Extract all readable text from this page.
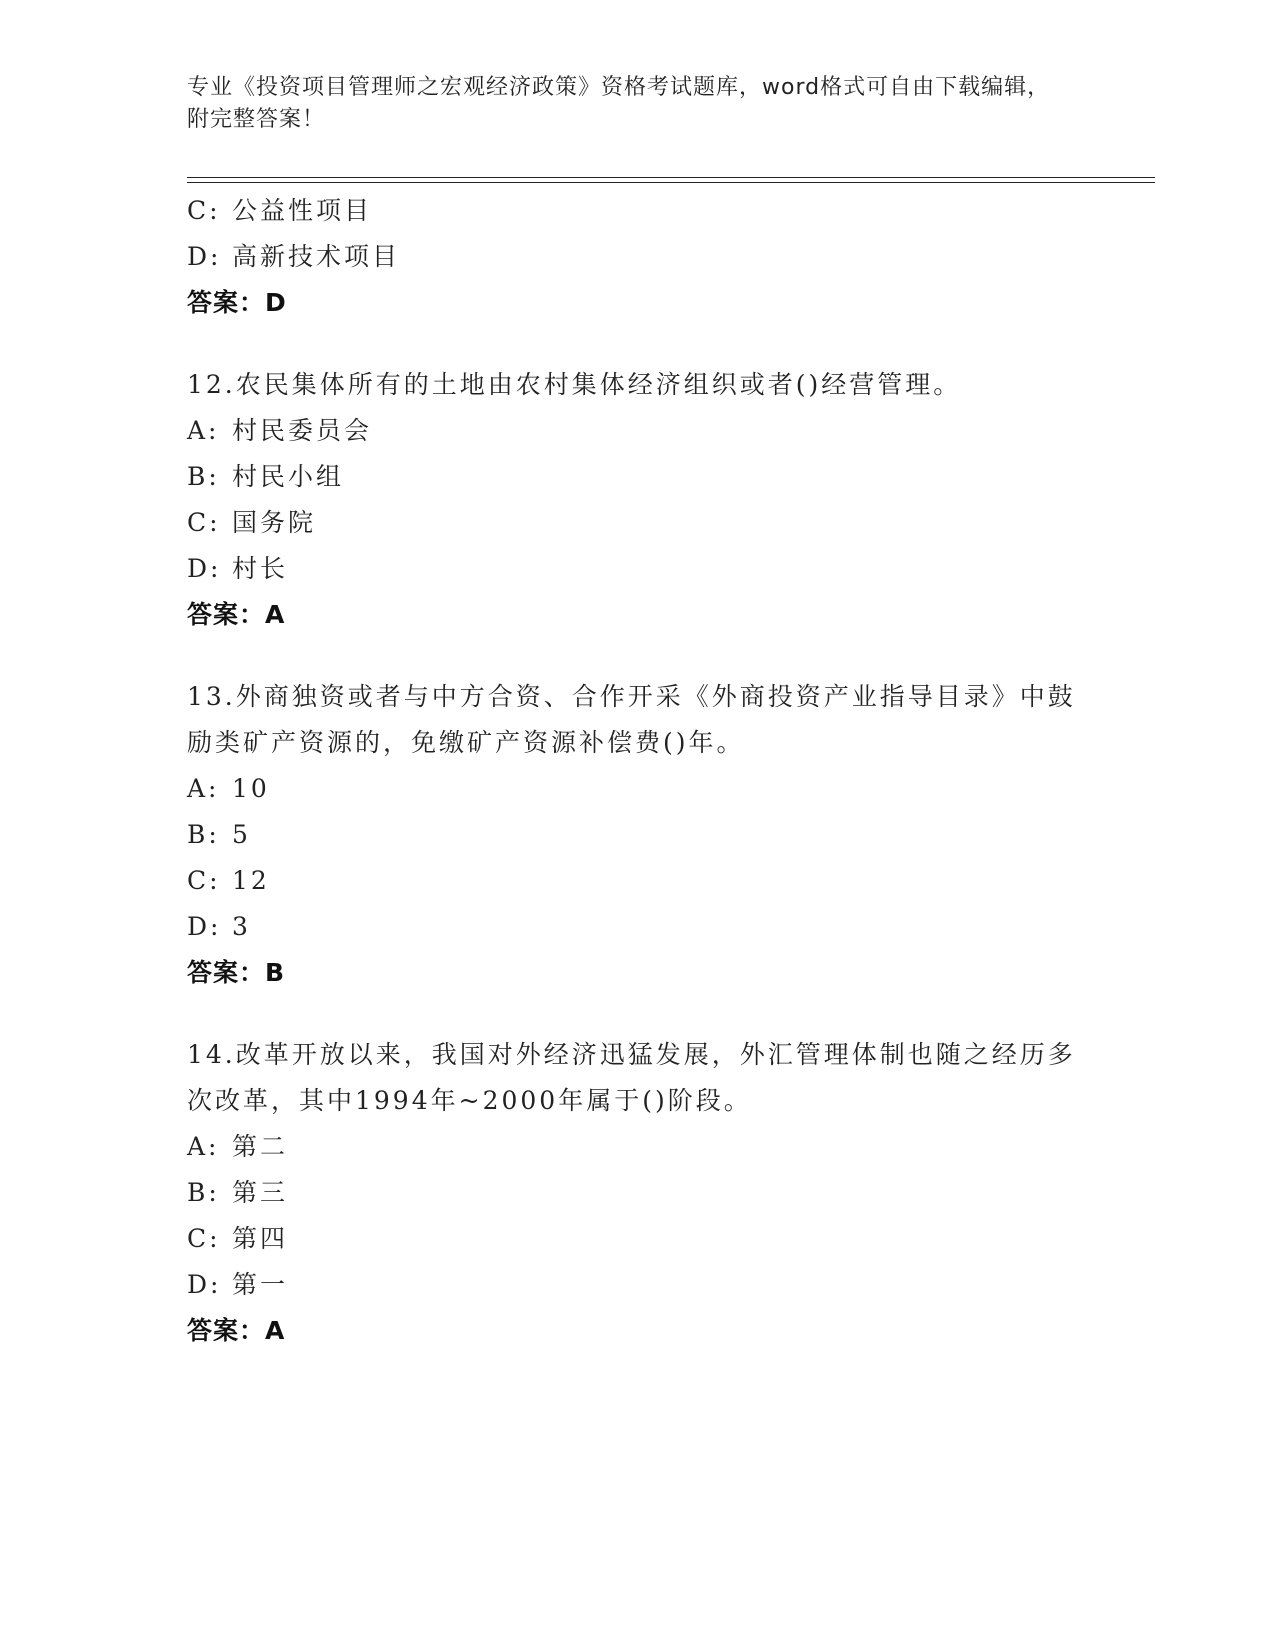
专业《投资项目管理师之宏观经济政策》资格考试题库，word格式可自由下载编辑，附完整答案！
C: 公益性项目
D: 高新技术项目
答案：D
12.农民集体所有的土地由农村集体经济组织或者()经营管理。
A: 村民委员会
B: 村民小组
C: 国务院
D: 村长
答案：A
13.外商独资或者与中方合资、合作开采《外商投资产业指导目录》中鼓励类矿产资源的，免缴矿产资源补偿费()年。
A: 10
B: 5
C: 12
D: 3
答案：B
14.改革开放以来，我国对外经济迅猛发展，外汇管理体制也随之经历多次改革，其中1994年~2000年属于()阶段。
A: 第二
B: 第三
C: 第四
D: 第一
答案：A
